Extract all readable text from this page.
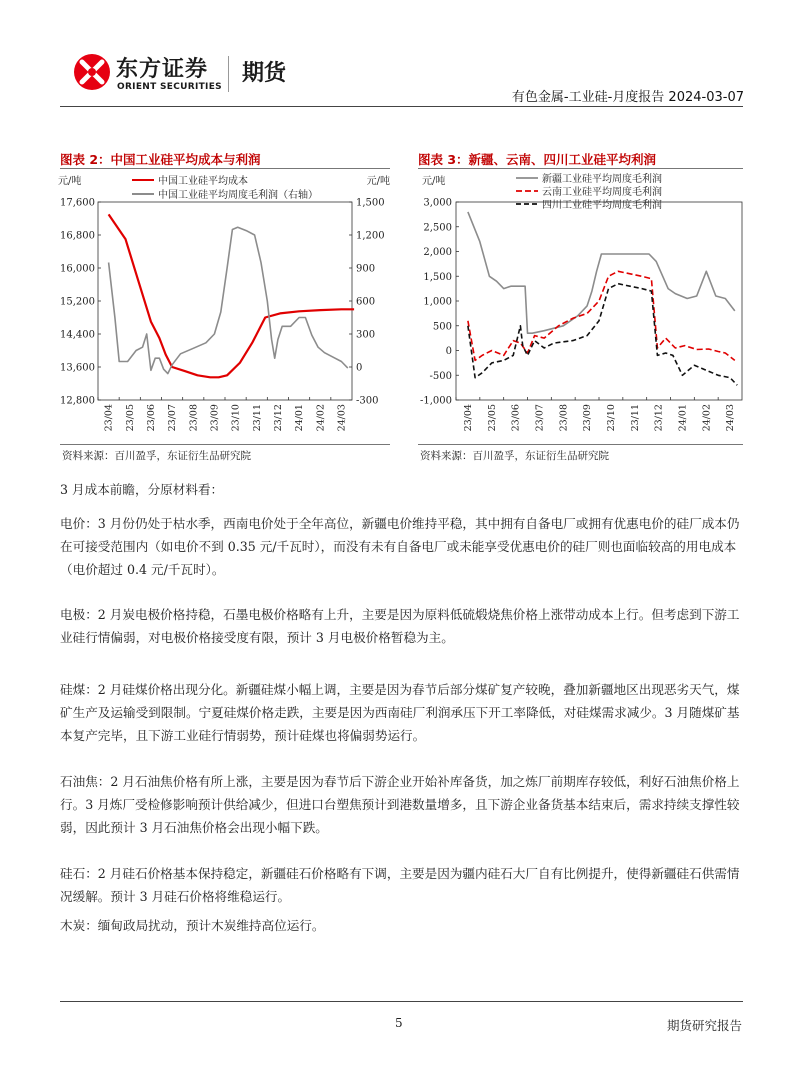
东方证券
ORIENT SECURITIES
期货
有色金属-工业硅-月度报告 2024-03-07
图表 2：中国工业硅平均成本与利润	图表 3：新疆、云南、四川工业硅平均利润
元/吨	元/吨
17,600
16,800
16,000
15,200
14,400
13,600
12,800
1,500
1,200
900
600
300
0
-300
23/04 23/05 23/06 23/07 23/08 23/09 23/10 23/11 23/12 24/01 24/02 24/03
中国工业硅平均成本
中国工业硅平均周度毛利润（右轴）
元/吨
3,000
2,500
2,000
1,500
1,000
500
0
-500
-1,000
23/04 23/05 23/06 23/07 23/08 23/09 23/10 23/11 23/12 24/01 24/02 24/03
新疆工业硅平均周度毛利润
云南工业硅平均周度毛利润
四川工业硅平均周度毛利润
资料来源：百川盈孚，东证衍生品研究院	资料来源：百川盈孚，东证衍生品研究院
3 月成本前瞻，分原材料看：
电价：3 月份仍处于枯水季，西南电价处于全年高位，新疆电价维持平稳，其中拥有自备电厂或拥有优惠电价的硅厂成本仍在可接受范围内（如电价不到 0.35 元/千瓦时），而没有未有自备电厂或未能享受优惠电价的硅厂则也面临较高的用电成本（电价超过 0.4 元/千瓦时）。
电极：2 月炭电极价格持稳，石墨电极价格略有上升，主要是因为原料低硫煅烧焦价格上涨带动成本上行。但考虑到下游工业硅行情偏弱，对电极价格接受度有限，预计 3 月电极价格暂稳为主。
硅煤：2 月硅煤价格出现分化。新疆硅煤小幅上调，主要是因为春节后部分煤矿复产较晚，叠加新疆地区出现恶劣天气，煤矿生产及运输受到限制。宁夏硅煤价格走跌，主要是因为西南硅厂利润承压下开工率降低，对硅煤需求减少。3 月随煤矿基本复产完毕，且下游工业硅行情弱势，预计硅煤也将偏弱势运行。
石油焦：2 月石油焦价格有所上涨，主要是因为春节后下游企业开始补库备货，加之炼厂前期库存较低，利好石油焦价格上行。3 月炼厂受检修影响预计供给减少，但进口台塑焦预计到港数量增多，且下游企业备货基本结束后，需求持续支撑性较弱，因此预计 3 月石油焦价格会出现小幅下跌。
硅石：2 月硅石价格基本保持稳定，新疆硅石价格略有下调，主要是因为疆内硅石大厂自有比例提升，使得新疆硅石供需情况缓解。预计 3 月硅石价格将维稳运行。
木炭：缅甸政局扰动，预计木炭维持高位运行。
5	期货研究报告
